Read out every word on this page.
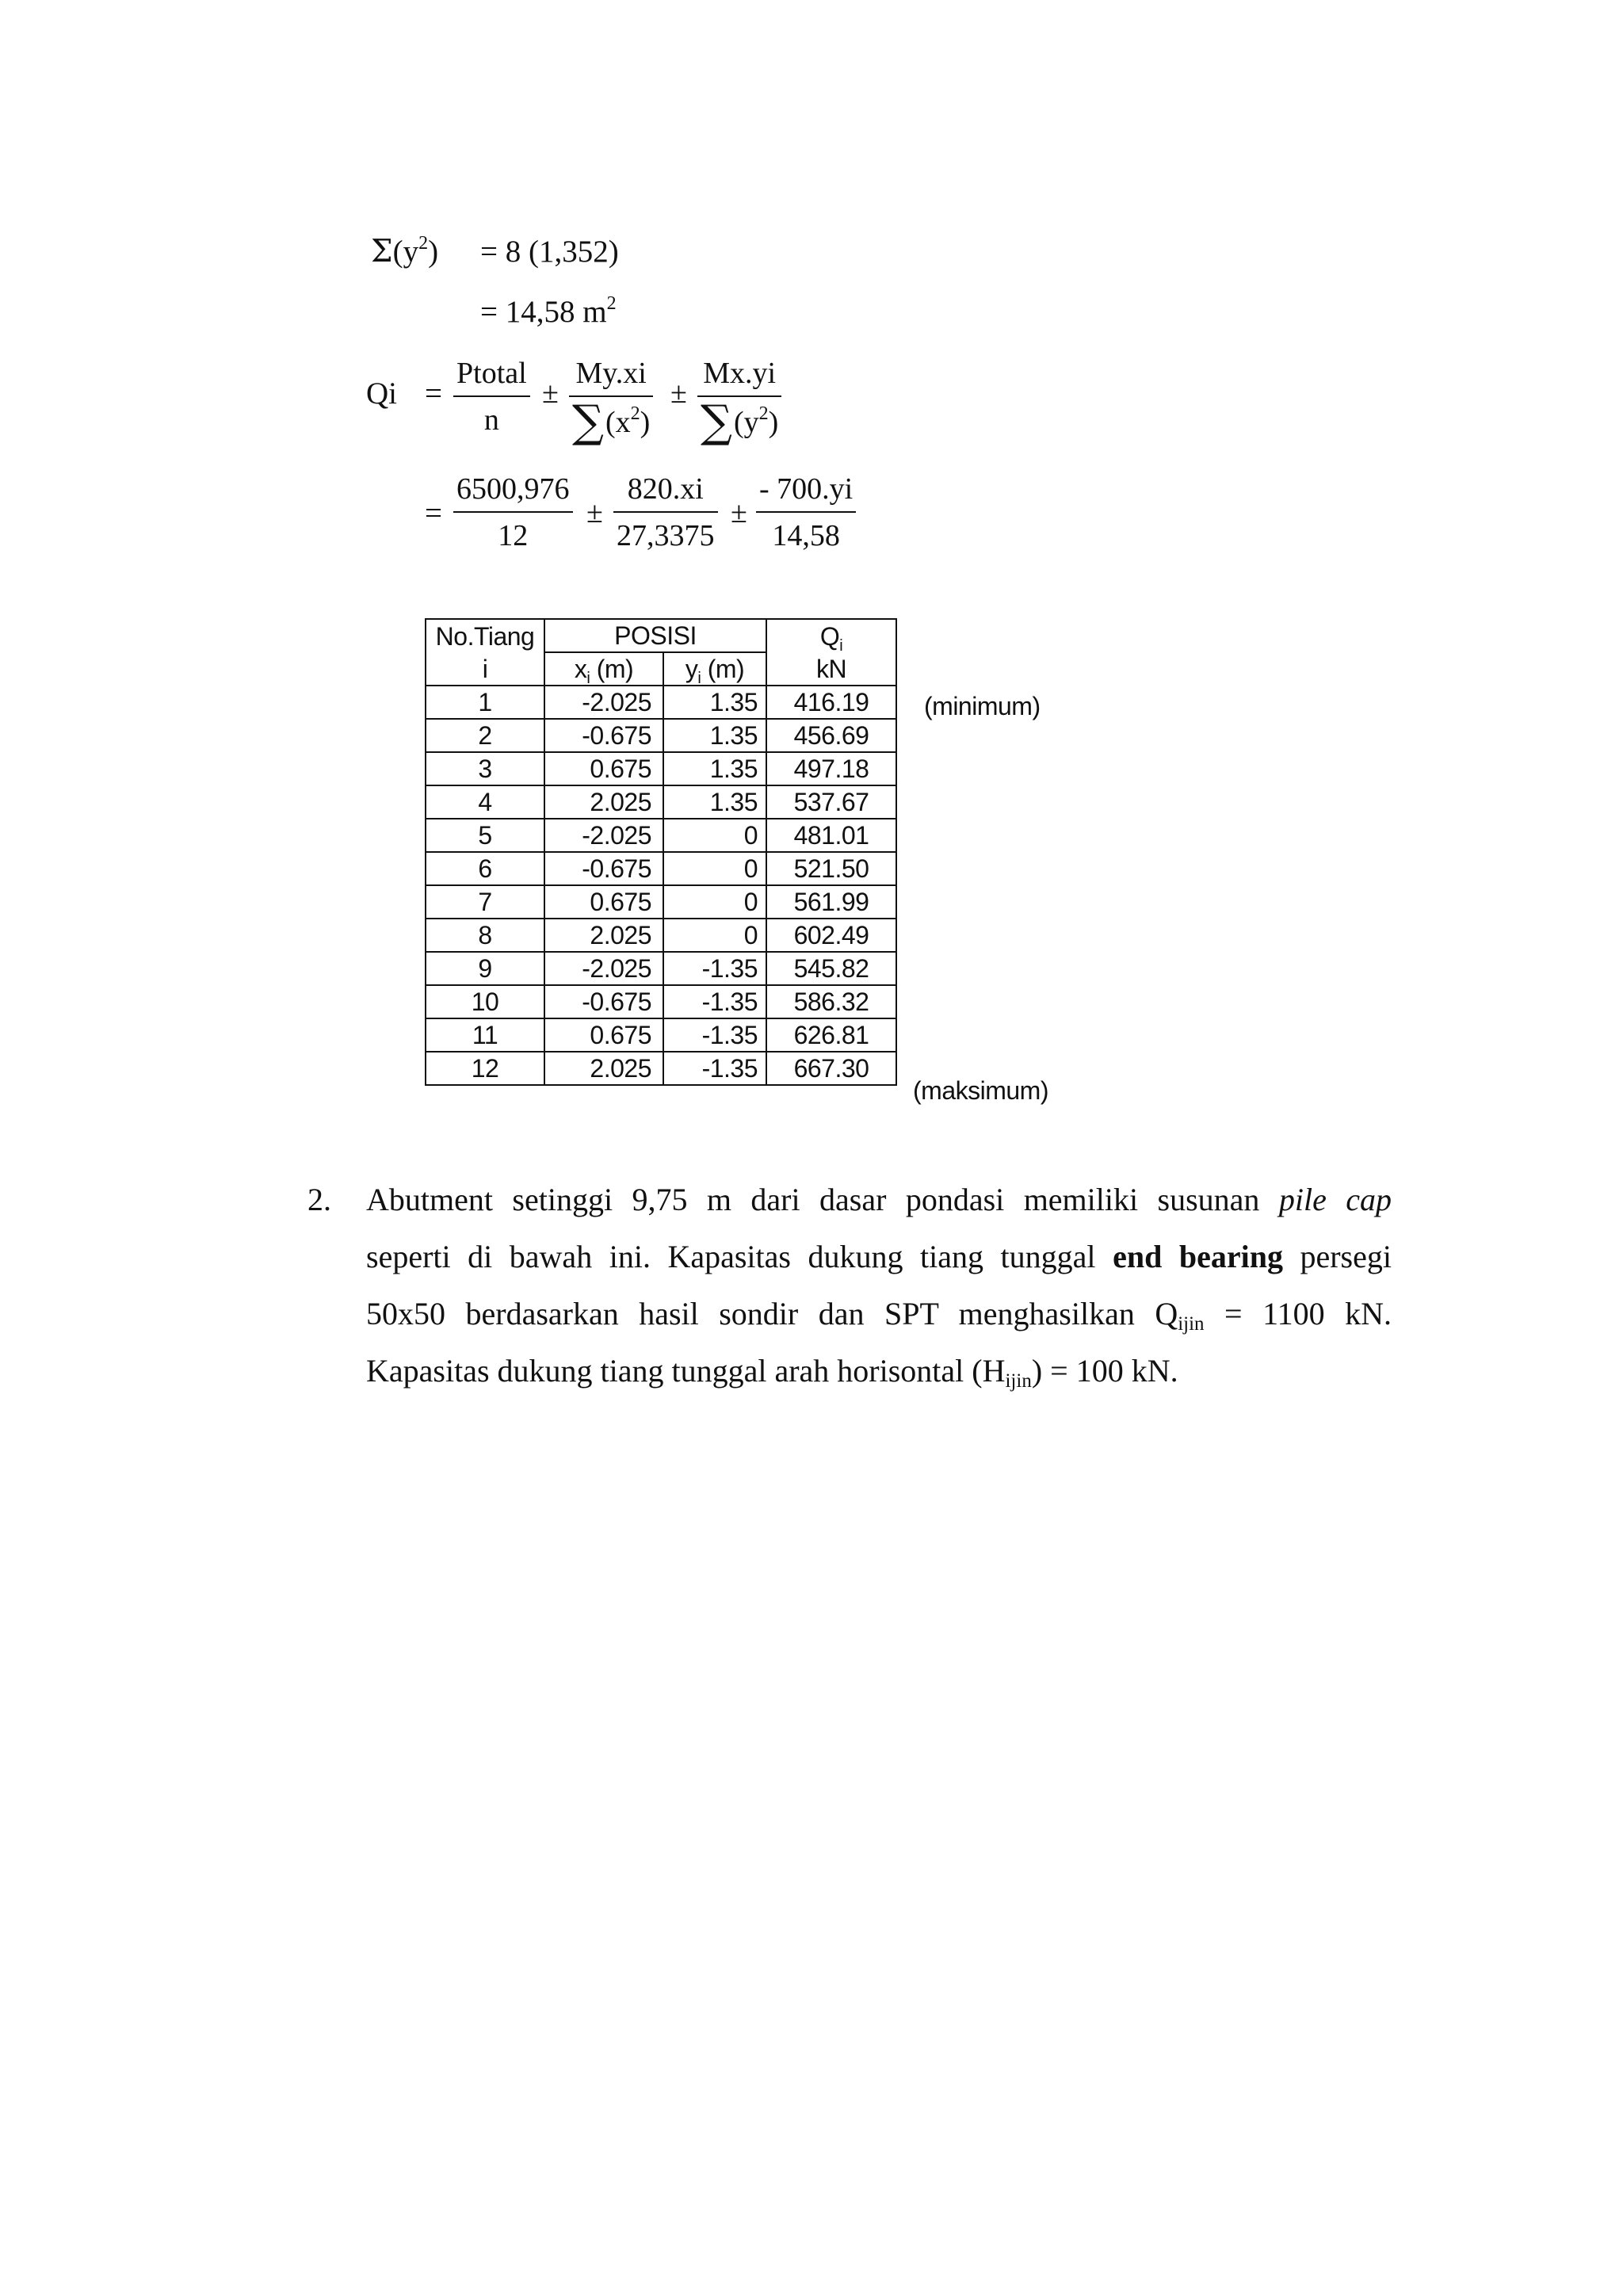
$\Sigma(y^2) = 8$ (1,352)
= 14,58 $m^2$
Qi =
Ptotal
n
±
My.xi
$\sum(x^2)$
±
Mx.yi
$\sum(y^2)$
=
6500,976
12
±
820.xi
27,3375
±
- 700.yi
14,58
No.Tiang	POSISI		$Q_i$
i	$x_i$ (m)	$y_i$ (m)	kN
1	-2.025	1.35	416.19
2	-0.675	1.35	456.69
3	0.675	1.35	497.18
4	2.025	1.35	537.67
5	-2.025	0	481.01
6	-0.675	0	521.50
7	0.675	0	561.99
8	2.025	0	602.49
9	-2.025	-1.35	545.82
10	-0.675	-1.35	586.32
11	0.675	-1.35	626.81
12	2.025	-1.35	667.30
(minimum)
(maksimum)
2. Abutment setinggi 9,75 m dari dasar pondasi memiliki susunan pile cap
seperti di bawah ini. Kapasitas dukung tiang tunggal end bearing persegi
50x50 berdasarkan hasil sondir dan SPT menghasilkan $Q_{ijin} = 1100$ kN.
Kapasitas dukung tiang tunggal arah horisontal $(H_{ijin}) = 100$ kN.
